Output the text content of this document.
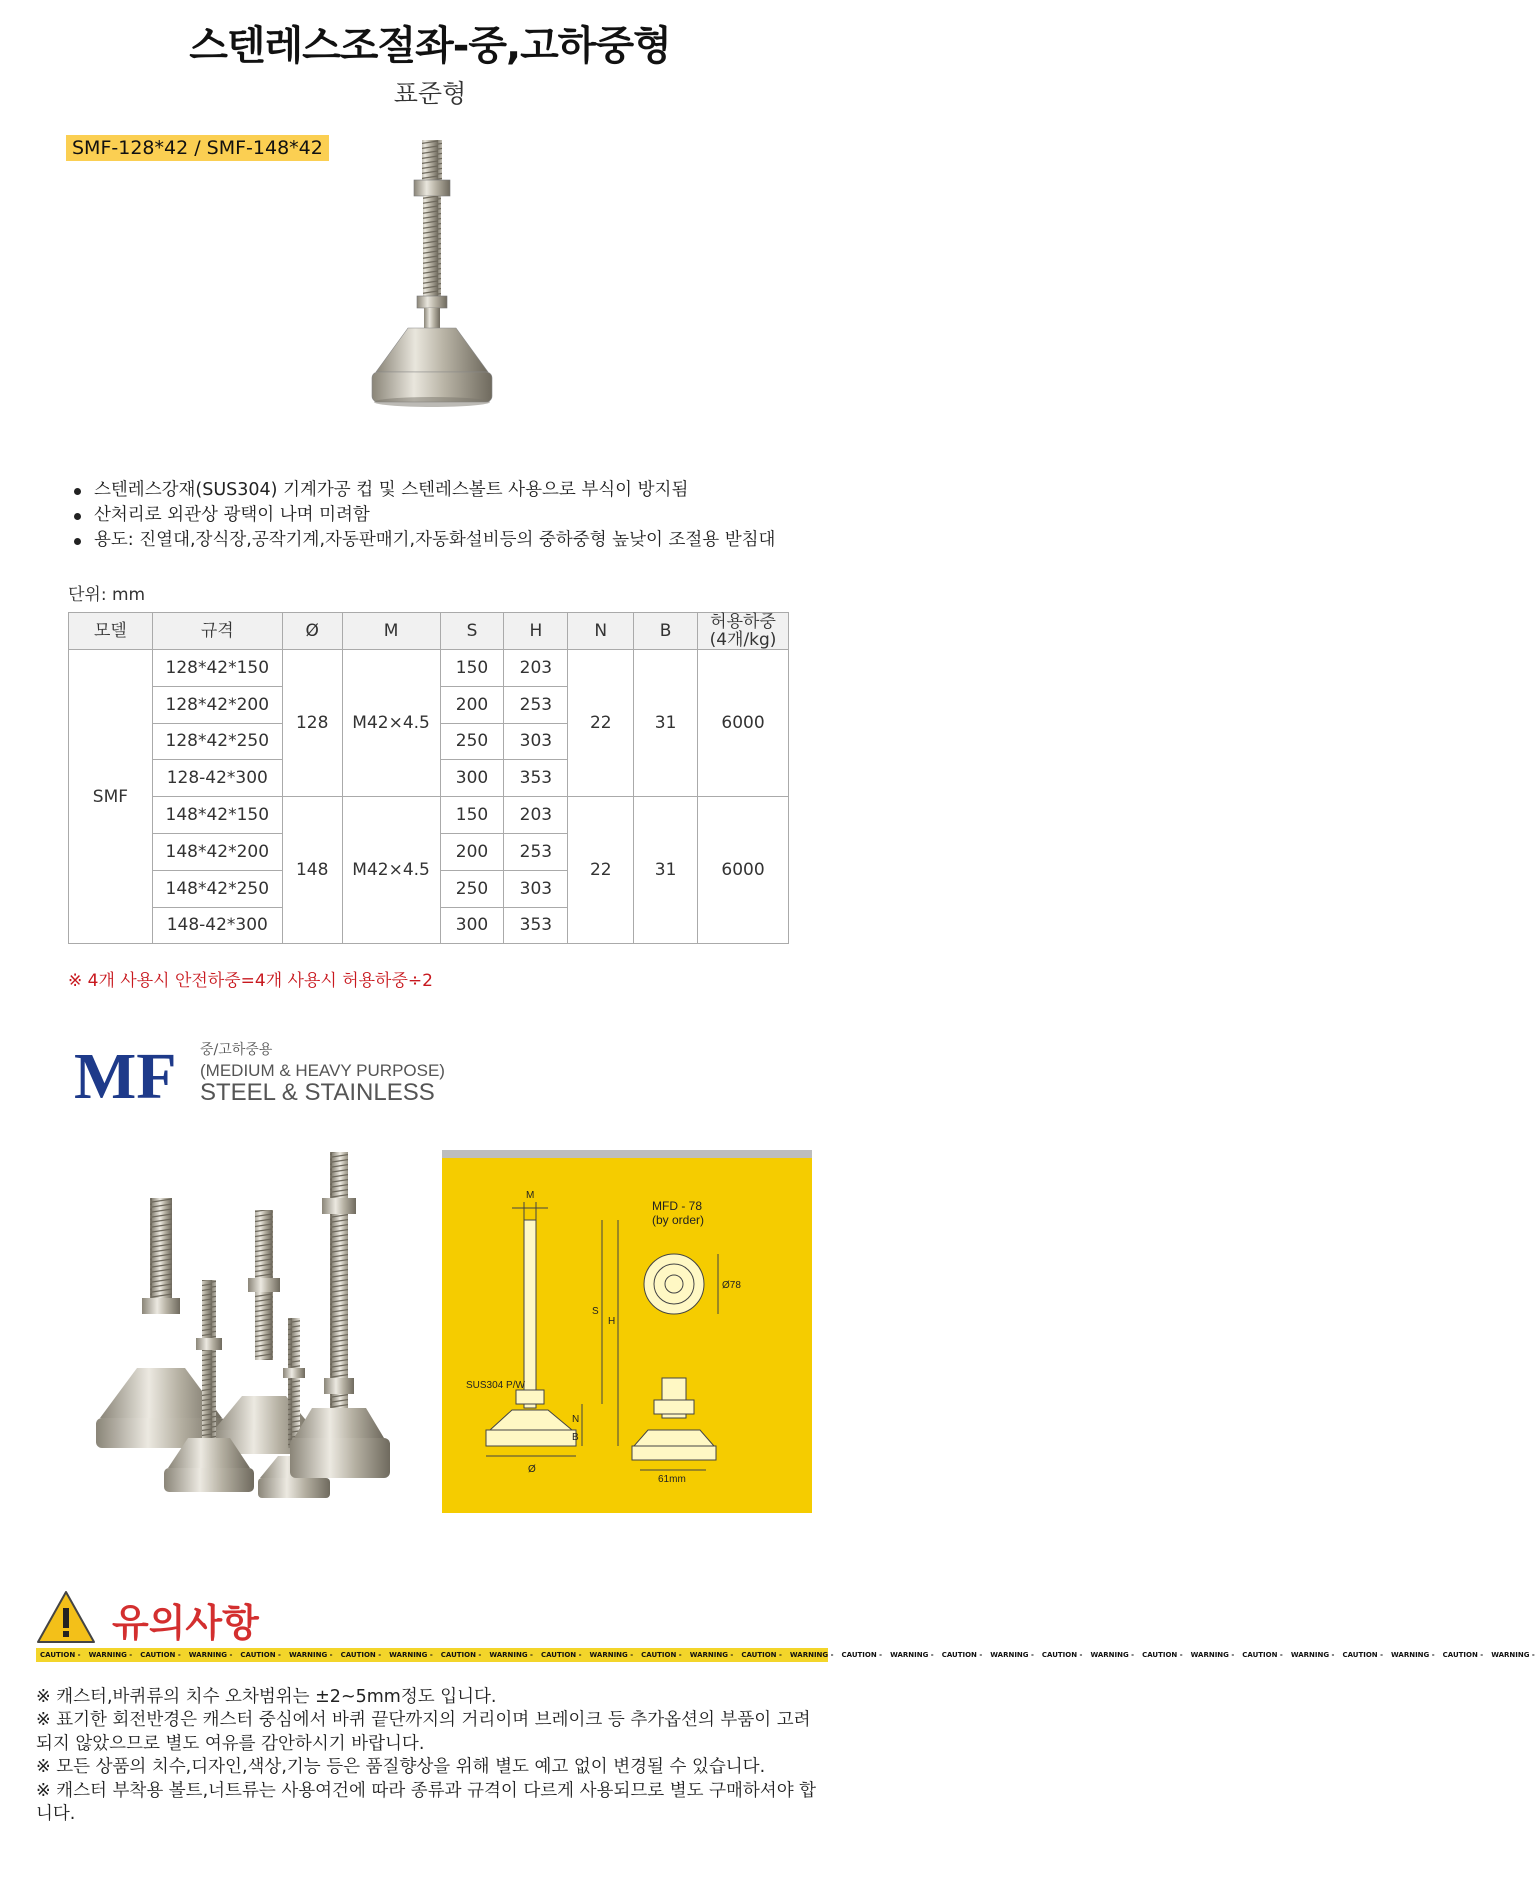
스텐레스조절좌-중,고하중형
표준형
SMF-128*42 / SMF-148*42
스텐레스강재(SUS304) 기계가공 컵 및 스텐레스볼트 사용으로 부식이 방지됨
산처리로 외관상 광택이 나며 미려함
용도: 진열대,장식장,공작기계,자동판매기,자동화설비등의 중하중형 높낮이 조절용 받침대
단위: mm
모델	규격	Ø	M	S	H	N	B	허용하중
(4개/kg)
SMF	128*42*150	128	M42×4.5	150	203	22	31	6000
	128*42*200			200	253			
	128*42*250			250	303			
	128-42*300			300	353			
	148*42*150	148	M42×4.5	150	203	22	31	6000
	148*42*200			200	253			
	148*42*250			250	303			
	148-42*300			300	353			
※ 4개 사용시 안전하중=4개 사용시 허용하중÷2
MF 중/고하중용
(MEDIUM & HEAVY PURPOSE)
STEEL & STAINLESS
M
S
H
N
B
Ø
SUS304 P/W
MFD - 78
(by order)
Ø78
61mm
유의사항
CAUTION - WARNING - CAUTION - WARNING - CAUTION - WARNING - CAUTION - WARNING - CAUTION - WARNING - CAUTION - WARNING - CAUTION - WARNING - CAUTION - WARNING - CAUTION - WARNING - CAUTION - WARNING - CAUTION - WARNING - CAUTION - WARNING - CAUTION - WARNING - CAUTION - WARNING - CAUTION - WARNING -

※ 캐스터,바퀴류의 치수 오차범위는 ±2~5mm정도 입니다.

※ 표기한 회전반경은 캐스터 중심에서 바퀴 끝단까지의 거리이며 브레이크 등 추가옵션의 부품이 고려되지 않았으므로 별도 여유를 감안하시기 바랍니다.

※ 모든 상품의 치수,디자인,색상,기능 등은 품질향상을 위해 별도 예고 없이 변경될 수 있습니다.

※ 캐스터 부착용 볼트,너트류는 사용여건에 따라 종류과 규격이 다르게 사용되므로 별도 구매하셔야 합니다.
